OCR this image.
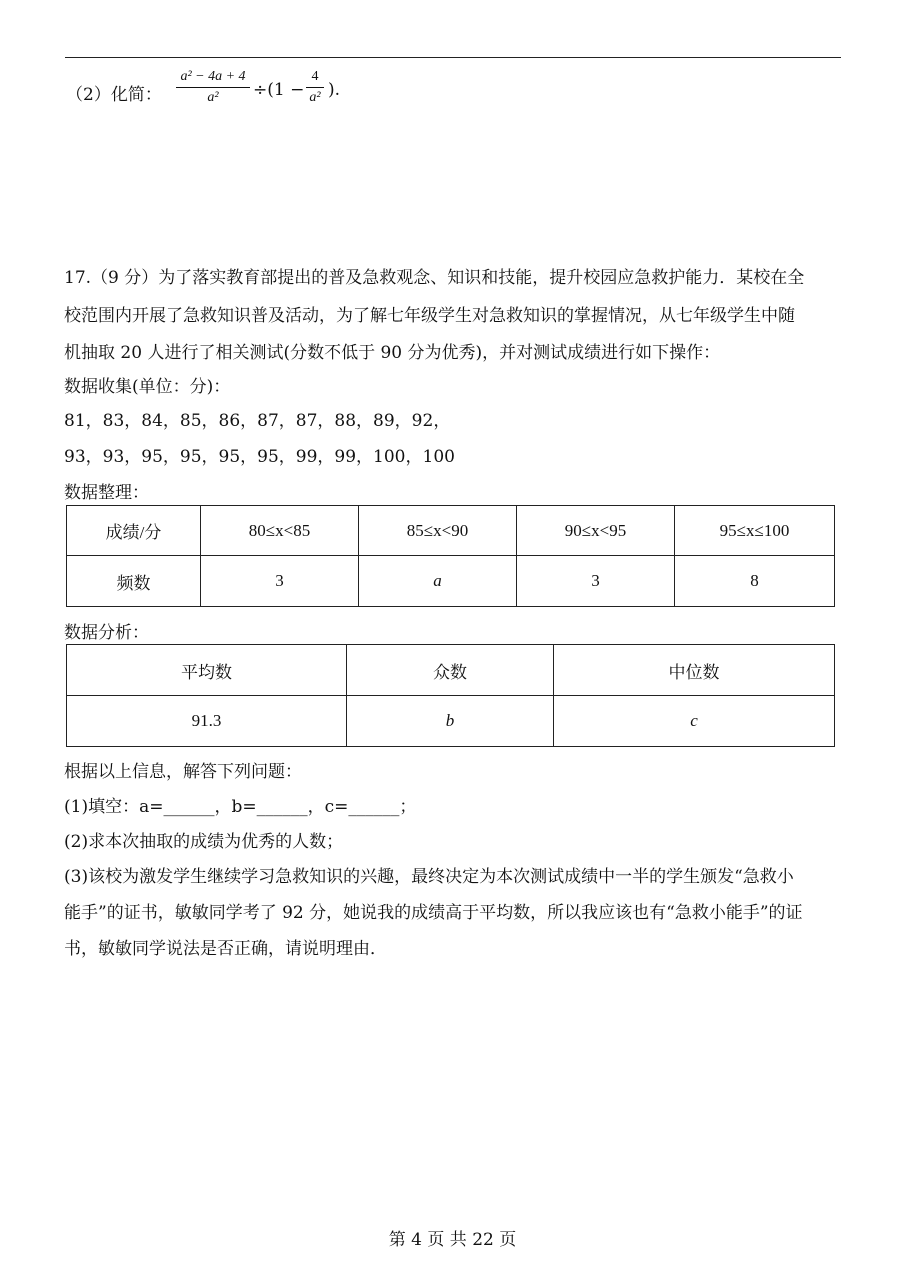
（2）化简：
a² − 4a + 4
a²	÷(1 −
4
a² ).
17.（9 分）为了落实教育部提出的普及急救观念、知识和技能，提升校园应急救护能力．某校在全
校范围内开展了急救知识普及活动，为了解七年级学生对急救知识的掌握情况，从七年级学生中随
机抽取 20 人进行了相关测试(分数不低于 90 分为优秀)，并对测试成绩进行如下操作：
数据收集(单位：分)：
81，83，84，85，86，87，87，88，89，92，
93，93，95，95，95，95，99，99，100，100
数据整理：
成绩/分	80≤x<85	85≤x<90	90≤x<95	95≤x≤100
频数	3	a	3	8
数据分析：
平均数	众数	中位数
91.3	b	c
根据以上信息，解答下列问题：
(1)填空：a=______，b=______，c=______；
(2)求本次抽取的成绩为优秀的人数；
(3)该校为激发学生继续学习急救知识的兴趣，最终决定为本次测试成绩中一半的学生颁发“急救小
能手”的证书，敏敏同学考了 92 分，她说我的成绩高于平均数，所以我应该也有“急救小能手”的证
书，敏敏同学说法是否正确，请说明理由．
第 4 页 共 22 页
